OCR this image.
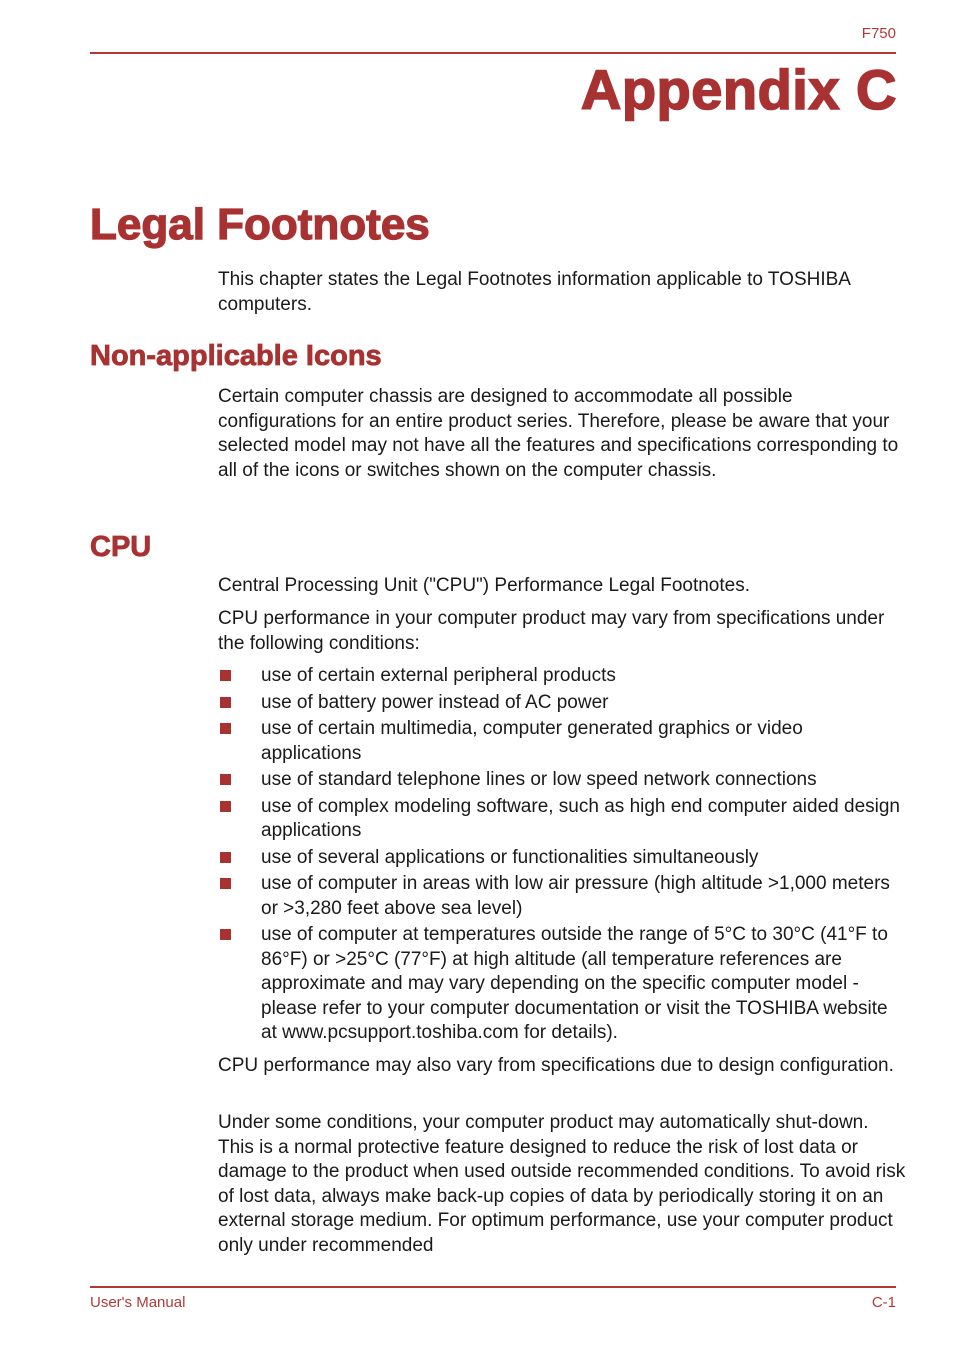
F750
Appendix C
Legal Footnotes
This chapter states the Legal Footnotes information applicable to TOSHIBA computers.
Non-applicable Icons
Certain computer chassis are designed to accommodate all possible configurations for an entire product series. Therefore, please be aware that your selected model may not have all the features and specifications corresponding to all of the icons or switches shown on the computer chassis.
CPU
Central Processing Unit ("CPU") Performance Legal Footnotes.
CPU performance in your computer product may vary from specifications under the following conditions:
use of certain external peripheral products
use of battery power instead of AC power
use of certain multimedia, computer generated graphics or video applications
use of standard telephone lines or low speed network connections
use of complex modeling software, such as high end computer aided design applications
use of several applications or functionalities simultaneously
use of computer in areas with low air pressure (high altitude >1,000 meters or >3,280 feet above sea level)
use of computer at temperatures outside the range of 5°C to 30°C (41°F to 86°F) or >25°C (77°F) at high altitude (all temperature references are approximate and may vary depending on the specific computer model - please refer to your computer documentation or visit the TOSHIBA website at www.pcsupport.toshiba.com for details).
CPU performance may also vary from specifications due to design configuration.
Under some conditions, your computer product may automatically shut-down. This is a normal protective feature designed to reduce the risk of lost data or damage to the product when used outside recommended conditions. To avoid risk of lost data, always make back-up copies of data by periodically storing it on an external storage medium. For optimum performance, use your computer product only under recommended
User's Manual	C-1
